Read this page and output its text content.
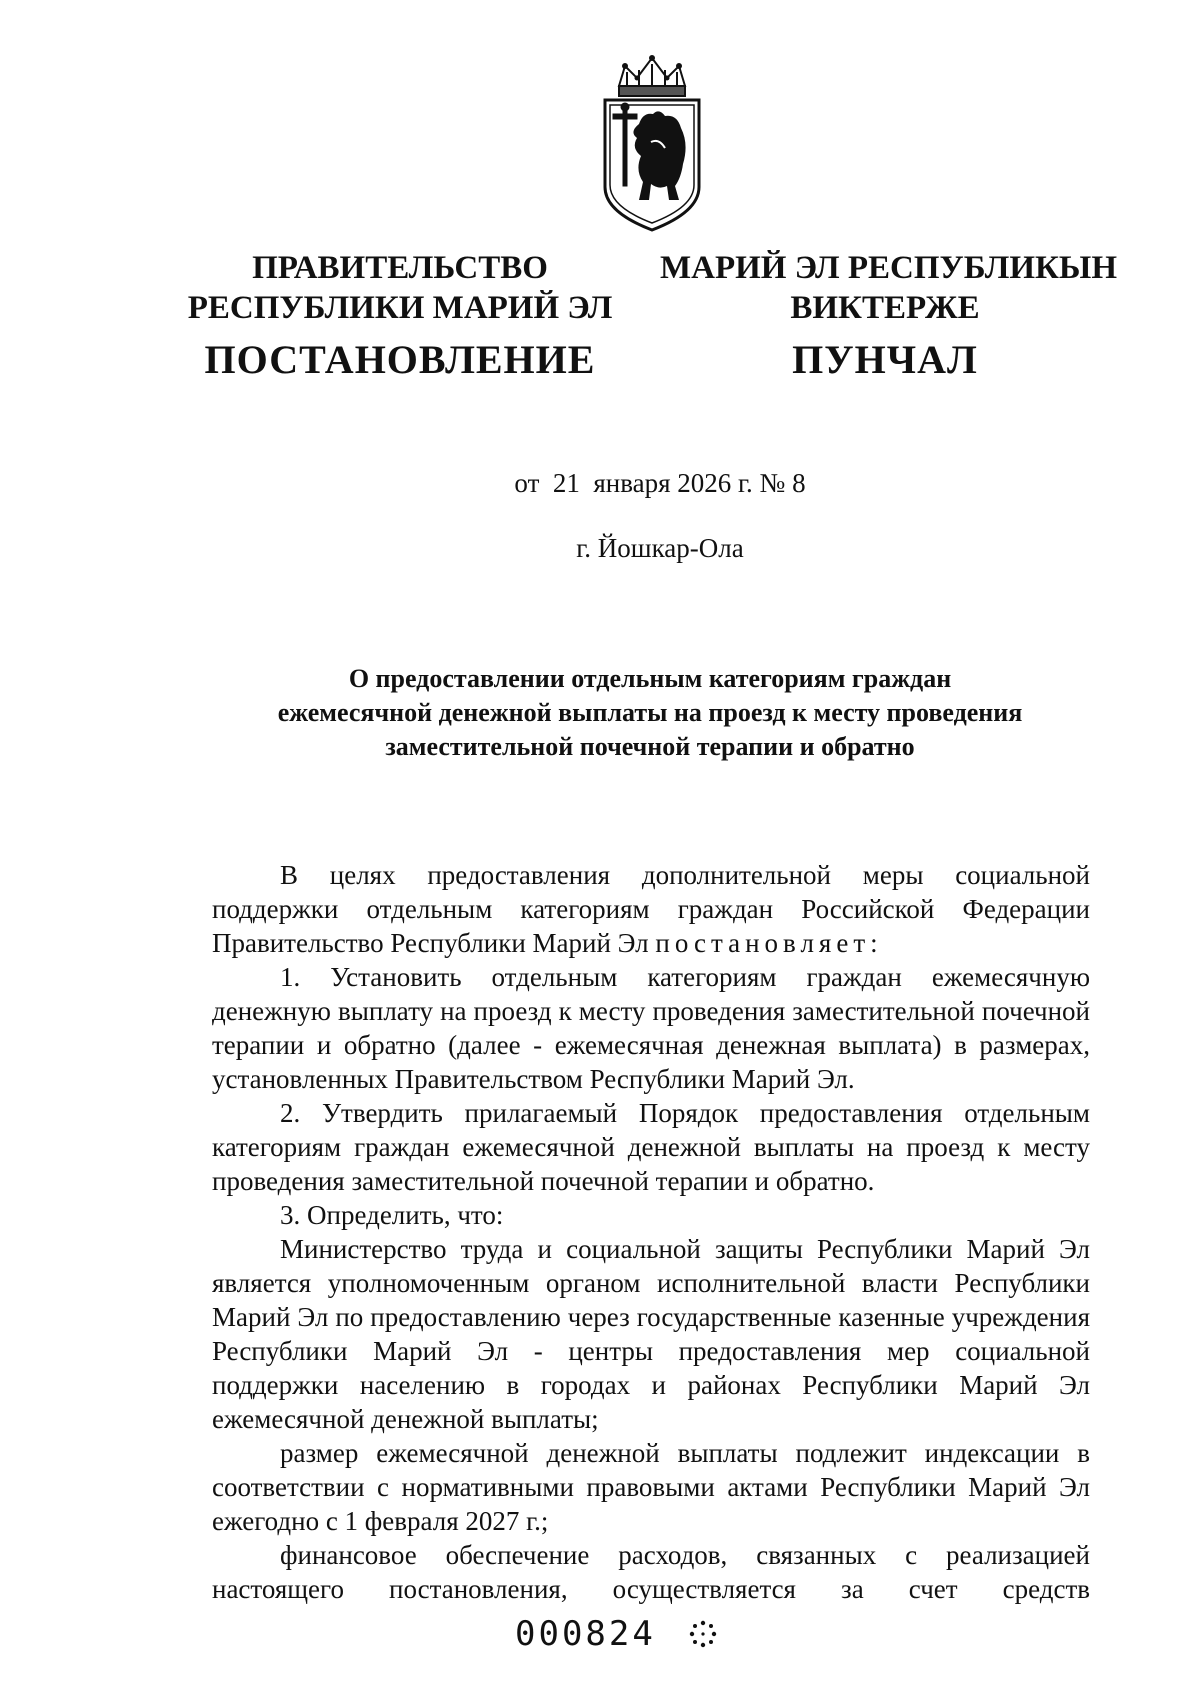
ПРАВИТЕЛЬСТВО
РЕСПУБЛИКИ МАРИЙ ЭЛ
МАРИЙ ЭЛ РЕСПУБЛИКЫН
ВИКТЕРЖЕ
ПОСТАНОВЛЕНИЕ	ПУНЧАЛ
от  21  января 2026 г. № 8
г. Йошкар-Ола
О предоставлении отдельным категориям граждан
ежемесячной денежной выплаты на проезд к месту проведения
заместительной почечной терапии и обратно

В целях предоставления дополнительной меры социальной поддержки отдельным категориям граждан Российской Федерации Правительство Республики Марий Эл постановляет:

1. Установить отдельным категориям граждан ежемесячную денежную выплату на проезд к месту проведения заместительной почечной терапии и обратно (далее - ежемесячная денежная выплата) в размерах, установленных Правительством Республики Марий Эл.

2. Утвердить прилагаемый Порядок предоставления отдельным категориям граждан ежемесячной денежной выплаты на проезд к месту проведения заместительной почечной терапии и обратно.

3. Определить, что:

Министерство труда и социальной защиты Республики Марий Эл является уполномоченным органом исполнительной власти Республики Марий Эл по предоставлению через государственные казенные учреждения Республики Марий Эл - центры предоставления мер социальной поддержки населению в городах и районах Республики Марий Эл ежемесячной денежной выплаты;

размер ежемесячной денежной выплаты подлежит индексации в соответствии с нормативными правовыми актами Республики Марий Эл ежегодно с 1 февраля 2027 г.;

финансовое обеспечение расходов, связанных с реализацией настоящего постановления, осуществляется за счет средств

000824
